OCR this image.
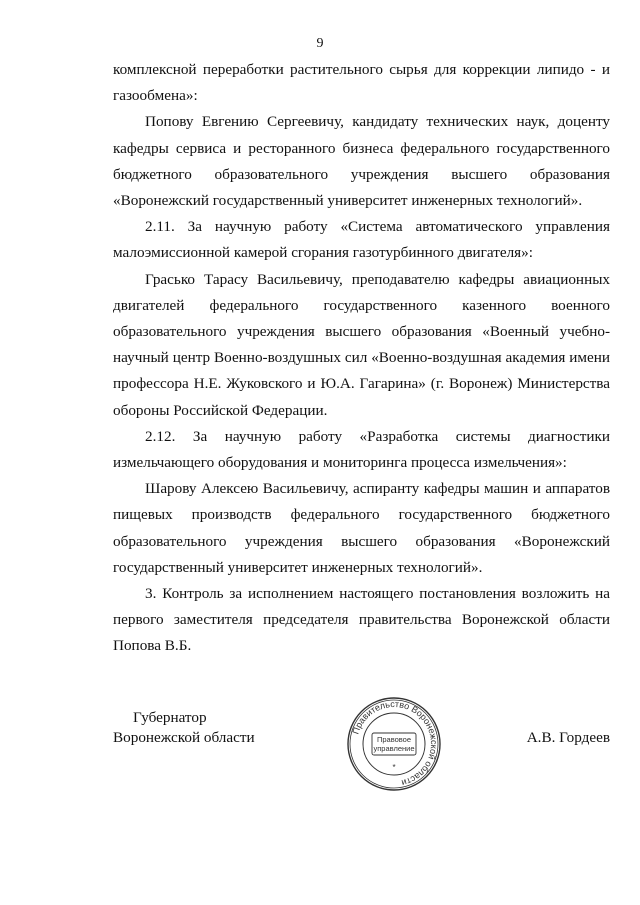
9

комплексной переработки растительного сырья для коррекции липидо - и газообмена»:

Попову Евгению Сергеевичу, кандидату технических наук, доценту кафедры сервиса и ресторанного бизнеса федерального государственного бюджетного образовательного учреждения высшего образования «Воронежский государственный университет инженерных технологий».

2.11. За научную работу «Система автоматического управления малоэмиссионной камерой сгорания газотурбинного двигателя»:

Грасько Тарасу Васильевичу, преподавателю кафедры авиационных двигателей федерального государственного казенного военного образовательного учреждения высшего образования «Военный учебно-научный центр Военно-воздушных сил «Военно-воздушная академия имени профессора Н.Е. Жуковского и Ю.А. Гагарина» (г. Воронеж) Министерства обороны Российской Федерации.

2.12. За научную работу «Разработка системы диагностики измельчающего оборудования и мониторинга процесса измельчения»:

Шарову Алексею Васильевичу, аспиранту кафедры машин и аппаратов пищевых производств федерального государственного бюджетного образовательного учреждения высшего образования «Воронежский государственный университет инженерных технологий».

3. Контроль за исполнением настоящего постановления возложить на первого заместителя председателя правительства Воронежской области Попова В.Б.

Губернатор
Воронежской области	А.В. Гордеев
Правительство Воронежской области
Правовое
управление
*
